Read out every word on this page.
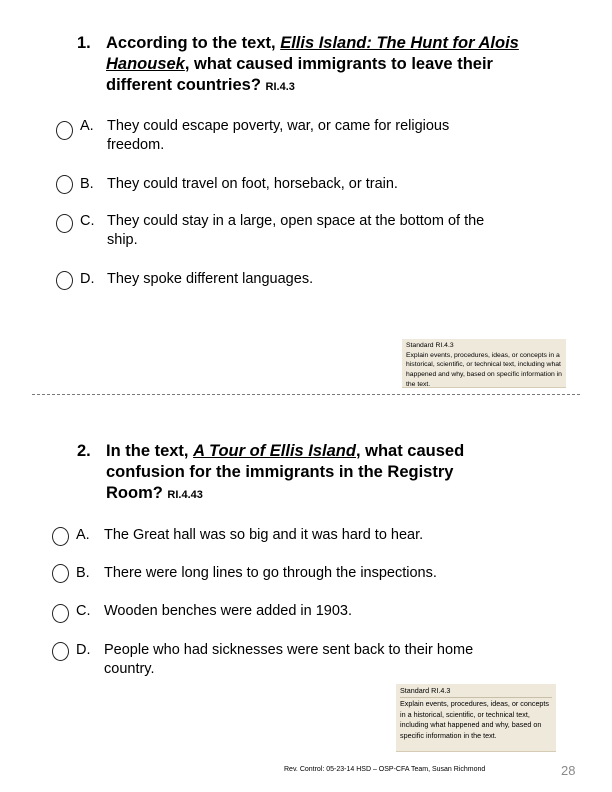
1. According to the text, Ellis Island: The Hunt for Alois Hanousek, what caused immigrants to leave their different countries? RI.4.3
A. They could escape poverty, war, or came for religious freedom.
B. They could travel on foot, horseback, or train.
C. They could stay in a large, open space at the bottom of the ship.
D. They spoke different languages.
Standard RI.4.3
Explain events, procedures, ideas, or concepts in a historical, scientific, or technical text, including what happened and why, based on specific information in the text.
2. In the text, A Tour of Ellis Island, what caused confusion for the immigrants in the Registry Room? RI.4.43
A. The Great hall was so big and it was hard to hear.
B. There were long lines to go through the inspections.
C. Wooden benches were added in 1903.
D. People who had sicknesses were sent back to their home country.
Standard RI.4.3
Explain events, procedures, ideas, or concepts in a historical, scientific, or technical text, including what happened and why, based on specific information in the text.
Rev. Control: 05-23-14 HSD – OSP-CFA Team, Susan Richmond	28
